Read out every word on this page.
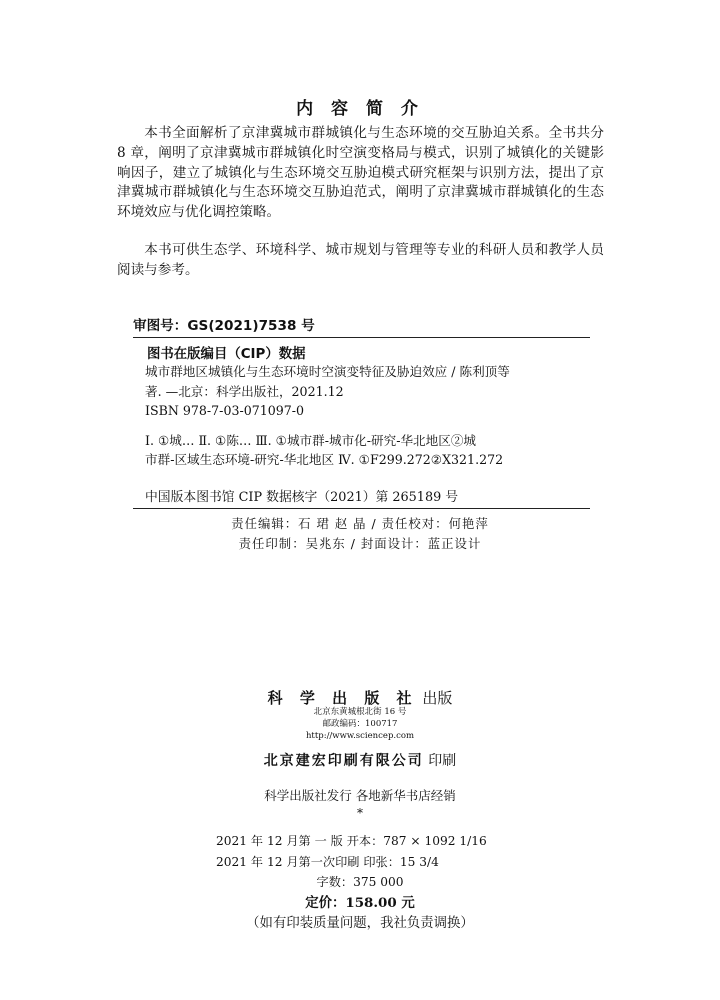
内 容 简 介

本书全面解析了京津冀城市群城镇化与生态环境的交互胁迫关系。全书共分 8 章，阐明了京津冀城市群城镇化时空演变格局与模式，识别了城镇化的关键影响因子，建立了城镇化与生态环境交互胁迫模式研究框架与识别方法，提出了京津冀城市群城镇化与生态环境交互胁迫范式，阐明了京津冀城市群城镇化的生态环境效应与优化调控策略。

本书可供生态学、环境科学、城市规划与管理等专业的科研人员和教学人员阅读与参考。

审图号：GS(2021)7538 号
图书在版编目（CIP）数据
城市群地区城镇化与生态环境时空演变特征及胁迫效应 / 陈利顶等
著. —北京：科学出版社，2021.12
ISBN 978-7-03-071097-0
Ⅰ. ①城… Ⅱ. ①陈… Ⅲ. ①城市群-城市化-研究-华北地区②城
市群-区域生态环境-研究-华北地区 Ⅳ. ①F299.272②X321.272
中国版本图书馆 CIP 数据核字（2021）第 265189 号
责任编辑：石 珺 赵 晶 / 责任校对：何艳萍
责任印制：吴兆东 / 封面设计：蓝正设计
科 学 出 版 社 出版
北京东黄城根北街 16 号
邮政编码：100717
http://www.sciencep.com
北京建宏印刷有限公司 印刷
科学出版社发行 各地新华书店经销
*
2021 年 12 月第 一 版 开本：787 × 1092 1/16
2021 年 12 月第一次印刷 印张：15 3/4
字数：375 000
定价：158.00 元
（如有印装质量问题，我社负责调换）
